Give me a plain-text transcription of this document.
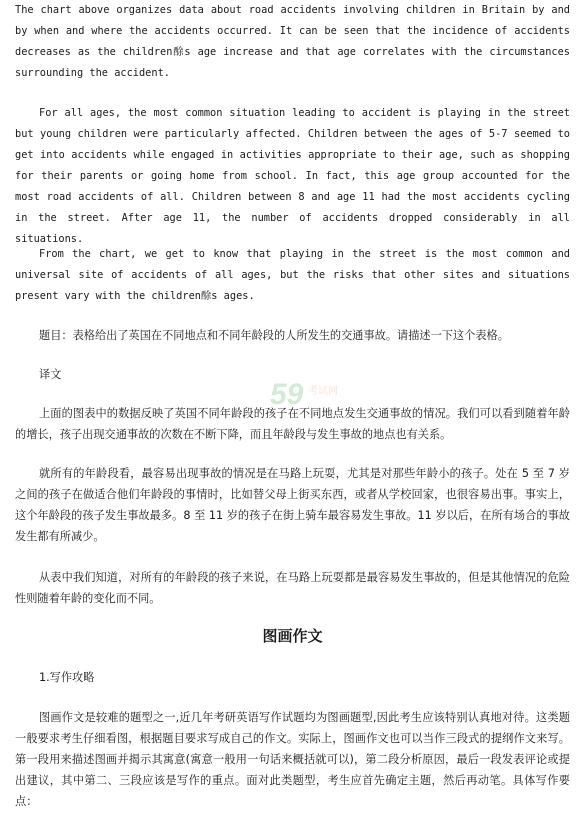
The chart above organizes data about road accidents involving children in Britain by and by when and where the accidents occurred. It can be seen that the incidence of accidents decreases as the children酴s age increase and that age correlates with the circumstances surrounding the accident.

For all ages, the most common situation leading to accident is playing in the street but young children were particularly affected. Children between the ages of 5-7 seemed to get into accidents while engaged in activities appropriate to their age, such as shopping for their parents or going home from school. In fact, this age group accounted for the most road accidents of all. Children between 8 and age 11 had the most accidents cycling in the street. After age 11, the number of accidents dropped considerably in all situations.

From the chart, we get to know that playing in the street is the most common and universal site of accidents of all ages, but the risks that other sites and situations present vary with the children酴s ages.

题目：表格给出了英国在不同地点和不同年龄段的人所发生的交通事故。请描述一下这个表格。

译文

上面的图表中的数据反映了英国不同年龄段的孩子在不同地点发生交通事故的情况。我们可以看到随着年龄的增长，孩子出现交通事故的次数在不断下降，而且年龄段与发生事故的地点也有关系。

就所有的年龄段看，最容易出现事故的情况是在马路上玩耍，尤其是对那些年龄小的孩子。处在 5 至 7 岁之间的孩子在做适合他们年龄段的事情时，比如替父母上街买东西，或者从学校回家，也很容易出事。事实上，这个年龄段的孩子发生事故最多。8 至 11 岁的孩子在街上骑车最容易发生事故。11 岁以后，在所有场合的事故发生都有所减少。

从表中我们知道，对所有的年龄段的孩子来说，在马路上玩耍都是最容易发生事故的，但是其他情况的危险性则随着年龄的变化而不同。

图画作文

1.写作攻略

图画作文是较难的题型之一,近几年考研英语写作试题均为图画题型,因此考生应该特别认真地对待。这类题一般要求考生仔细看图，根据题目要求写成自己的作文。实际上，图画作文也可以当作三段式的提纲作文来写。第一段用来描述图画并揭示其寓意(寓意一般用一句话来概括就可以)，第二段分析原因，最后一段发表评论或提出建议，其中第二、三段应该是写作的重点。面对此类题型，考生应首先确定主题，然后再动笔。具体写作要点：

59 考试网
